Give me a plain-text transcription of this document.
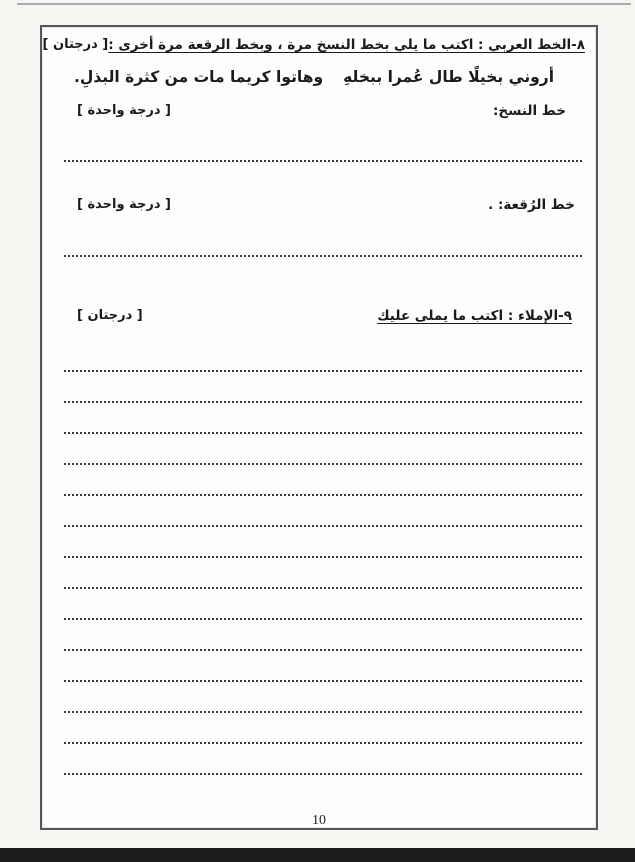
٨-الخط العربي : اكتب ما يلي بخط النسخ مرة ، وبخط الرقعة مرة أخرى :
[ درجتان ]
أروني بخيلًا طال عُمرا ببخلهِ
وهاتوا كريما مات من كثرة البذلِ.
خط النسخ:
[ درجة واحدة ]
خط الرُقعة: .
[ درجة واحدة ]
٩-الإملاء : اكتب ما يملى عليك
[ درجتان ]
10
